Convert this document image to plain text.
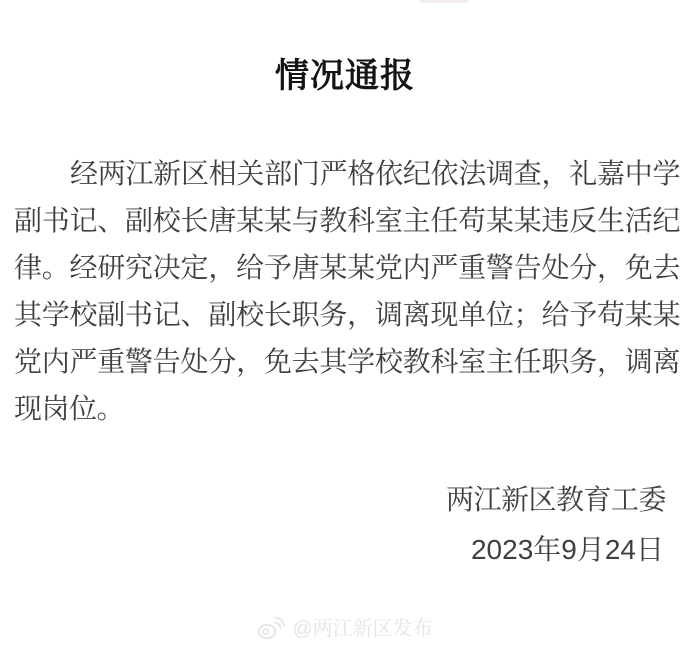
情况通报
经两江新区相关部门严格依纪依法调查，礼嘉中学
副书记、副校长唐某某与教科室主任苟某某违反生活纪
律。经研究决定，给予唐某某党内严重警告处分，免去
其学校副书记、副校长职务，调离现单位；给予苟某某
党内严重警告处分，免去其学校教科室主任职务，调离
现岗位。
两江新区教育工委
2023年9月24日
@两江新区发布
